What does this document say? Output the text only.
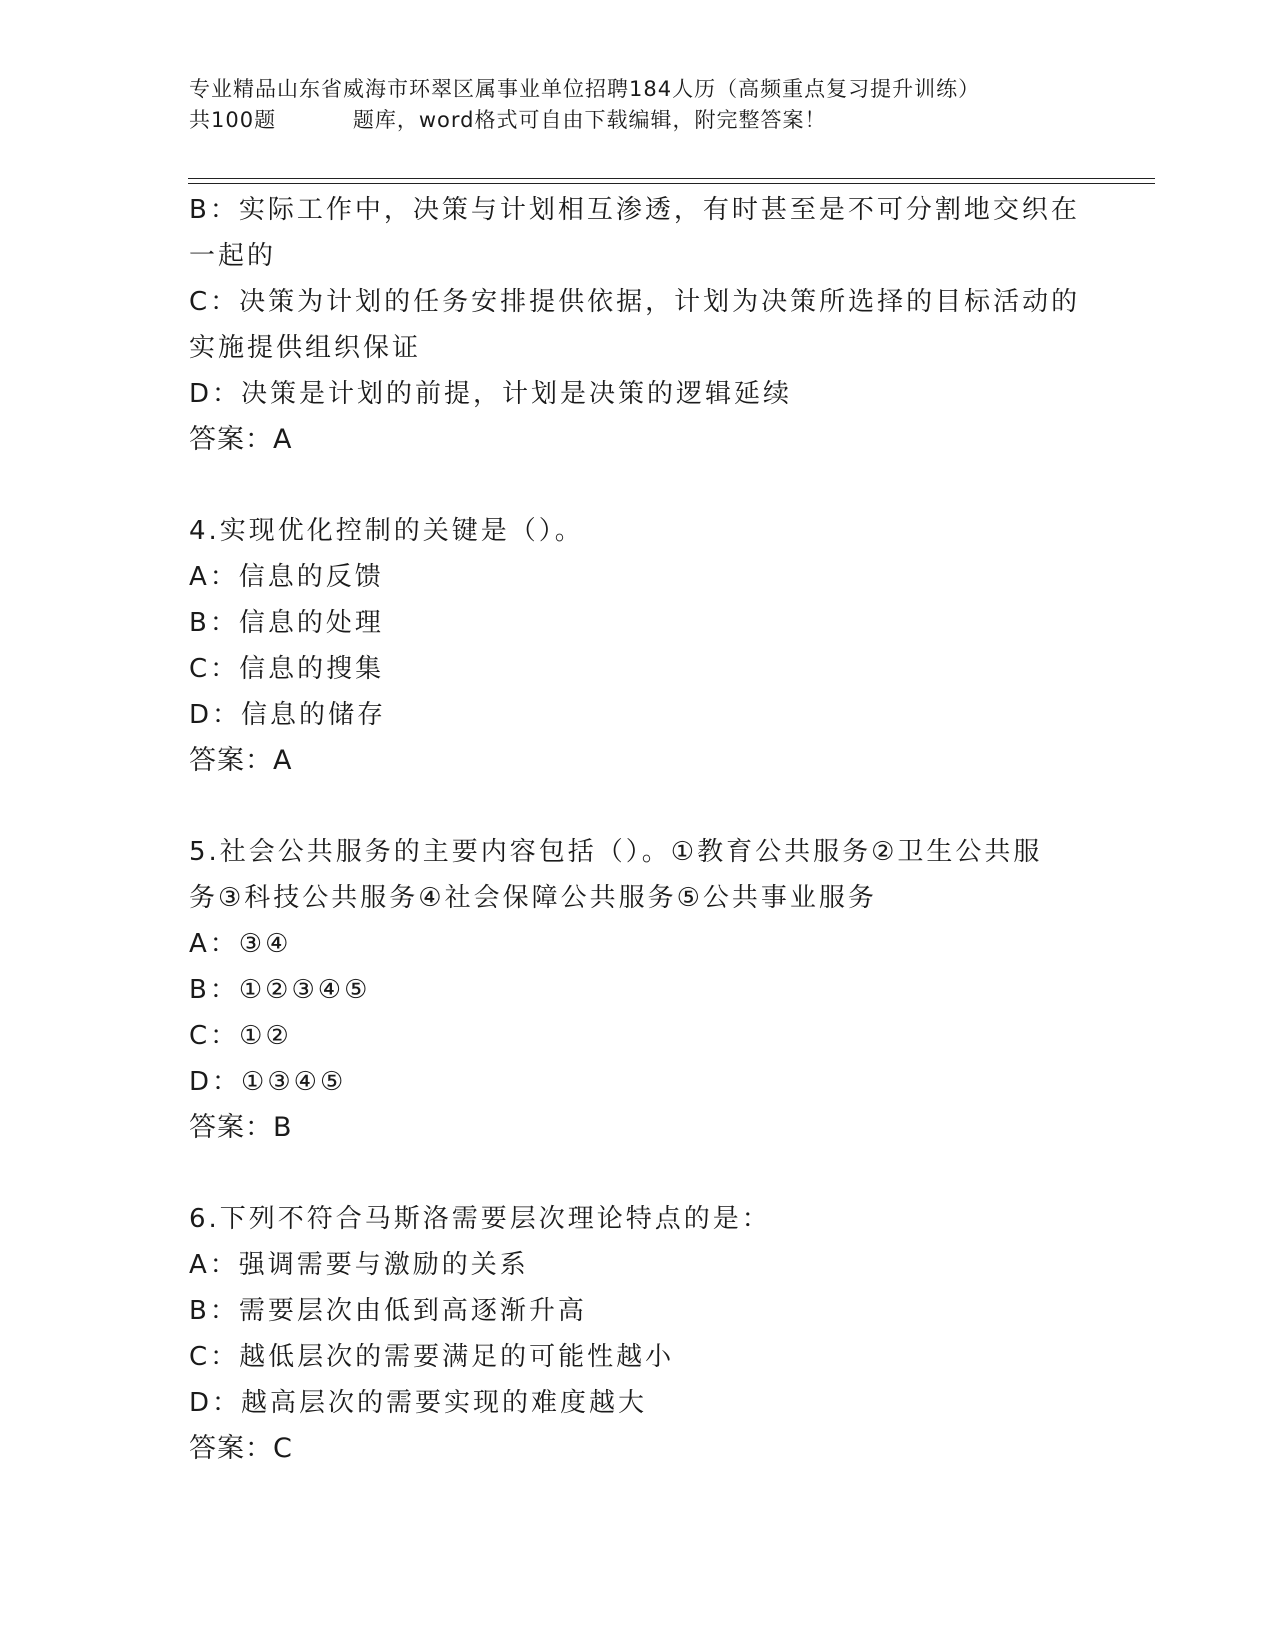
专业精品山东省威海市环翠区属事业单位招聘184人历（高频重点复习提升训练）
共100题          题库，word格式可自由下载编辑，附完整答案！
B：实际工作中，决策与计划相互渗透，有时甚至是不可分割地交织在
一起的
C：决策为计划的任务安排提供依据，计划为决策所选择的目标活动的
实施提供组织保证
D：决策是计划的前提，计划是决策的逻辑延续
答案：A
4.实现优化控制的关键是（）。
A：信息的反馈
B：信息的处理
C：信息的搜集
D：信息的储存
答案：A
5.社会公共服务的主要内容包括（）。①教育公共服务②卫生公共服
务③科技公共服务④社会保障公共服务⑤公共事业服务
A：③④
B：①②③④⑤
C：①②
D：①③④⑤
答案：B
6.下列不符合马斯洛需要层次理论特点的是：
A：强调需要与激励的关系
B：需要层次由低到高逐渐升高
C：越低层次的需要满足的可能性越小
D：越高层次的需要实现的难度越大
答案：C
